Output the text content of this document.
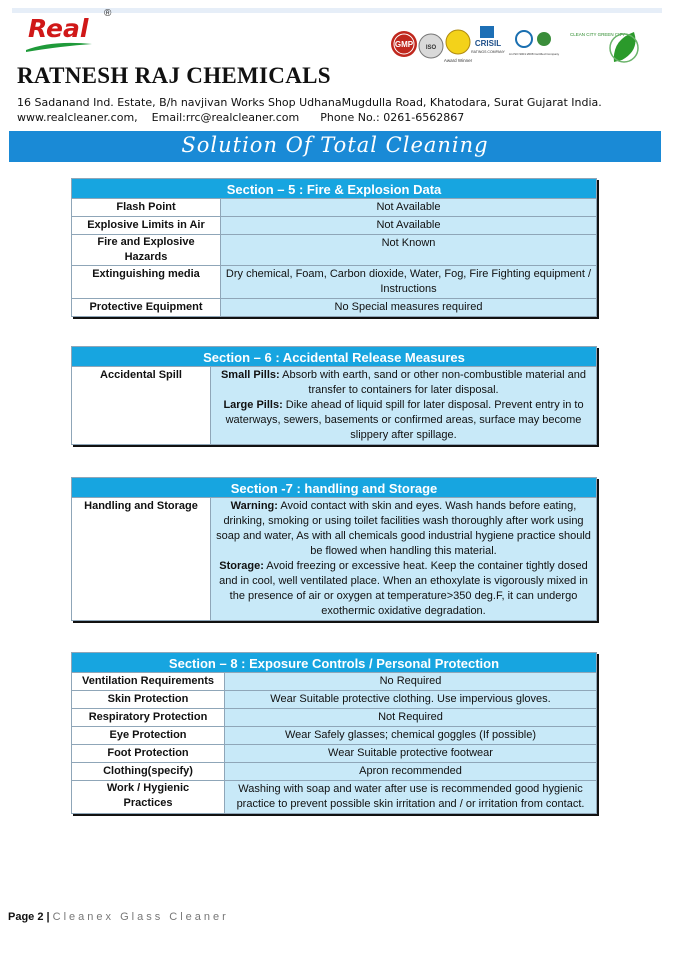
Real
®
GMP ISO
Award Winner
CRISIL
RATINGS COMPANY An ISO 9001:2008 Certified Company
CLEAN CITY GREEN CITY
RATNESH RAJ CHEMICALS
16 Sadanand Ind. Estate, B/h navjivan Works Shop UdhanaMugdulla Road, Khatodara, Surat Gujarat India.
www.realcleaner.com,    Email:rrc@realcleaner.com      Phone No.: 0261-6562867
Solution Of Total Cleaning
Section – 5 : Fire & Explosion Data	
Flash Point	Not Available
Explosive Limits in Air	Not Available
Fire and Explosive Hazards	Not Known
Extinguishing media	Dry chemical, Foam, Carbon dioxide, Water, Fog, Fire Fighting equipment / Instructions
Protective Equipment	No Special measures required
Section – 6 : Accidental Release Measures
Accidental Spill	Small Pills: Absorb with earth, sand or other non-combustible material and transfer to containers for later disposal.
Large Pills: Dike ahead of liquid spill for later disposal. Prevent entry in to waterways, sewers, basements or confirmed areas, surface may become slippery after spillage.
Section -7 : handling and Storage
Handling and Storage	Warning: Avoid contact with skin and eyes. Wash hands before eating, drinking, smoking or using toilet facilities wash thoroughly after work using soap and water, As with all chemicals good industrial hygiene practice should be flowed when handling this material.
Storage: Avoid freezing or excessive heat. Keep the container tightly dosed and in cool, well ventilated place. When an ethoxylate is vigorously mixed in the presence of air or oxygen at temperature>350 deg.F, it can undergo exothermic oxidative degradation.
Section – 8 : Exposure Controls / Personal Protection	
Ventilation Requirements	No Required
Skin Protection	Wear Suitable protective clothing. Use impervious gloves.
Respiratory Protection	Not Required
Eye Protection	Wear Safely glasses; chemical goggles (If possible)
Foot Protection	Wear Suitable protective footwear
Clothing(specify)	Apron recommended
Work / Hygienic Practices	Washing with soap and water after use is recommended good hygienic practice to prevent possible skin irritation and / or irritation from contact.
Page 2 | Cleanex Glass Cleaner
